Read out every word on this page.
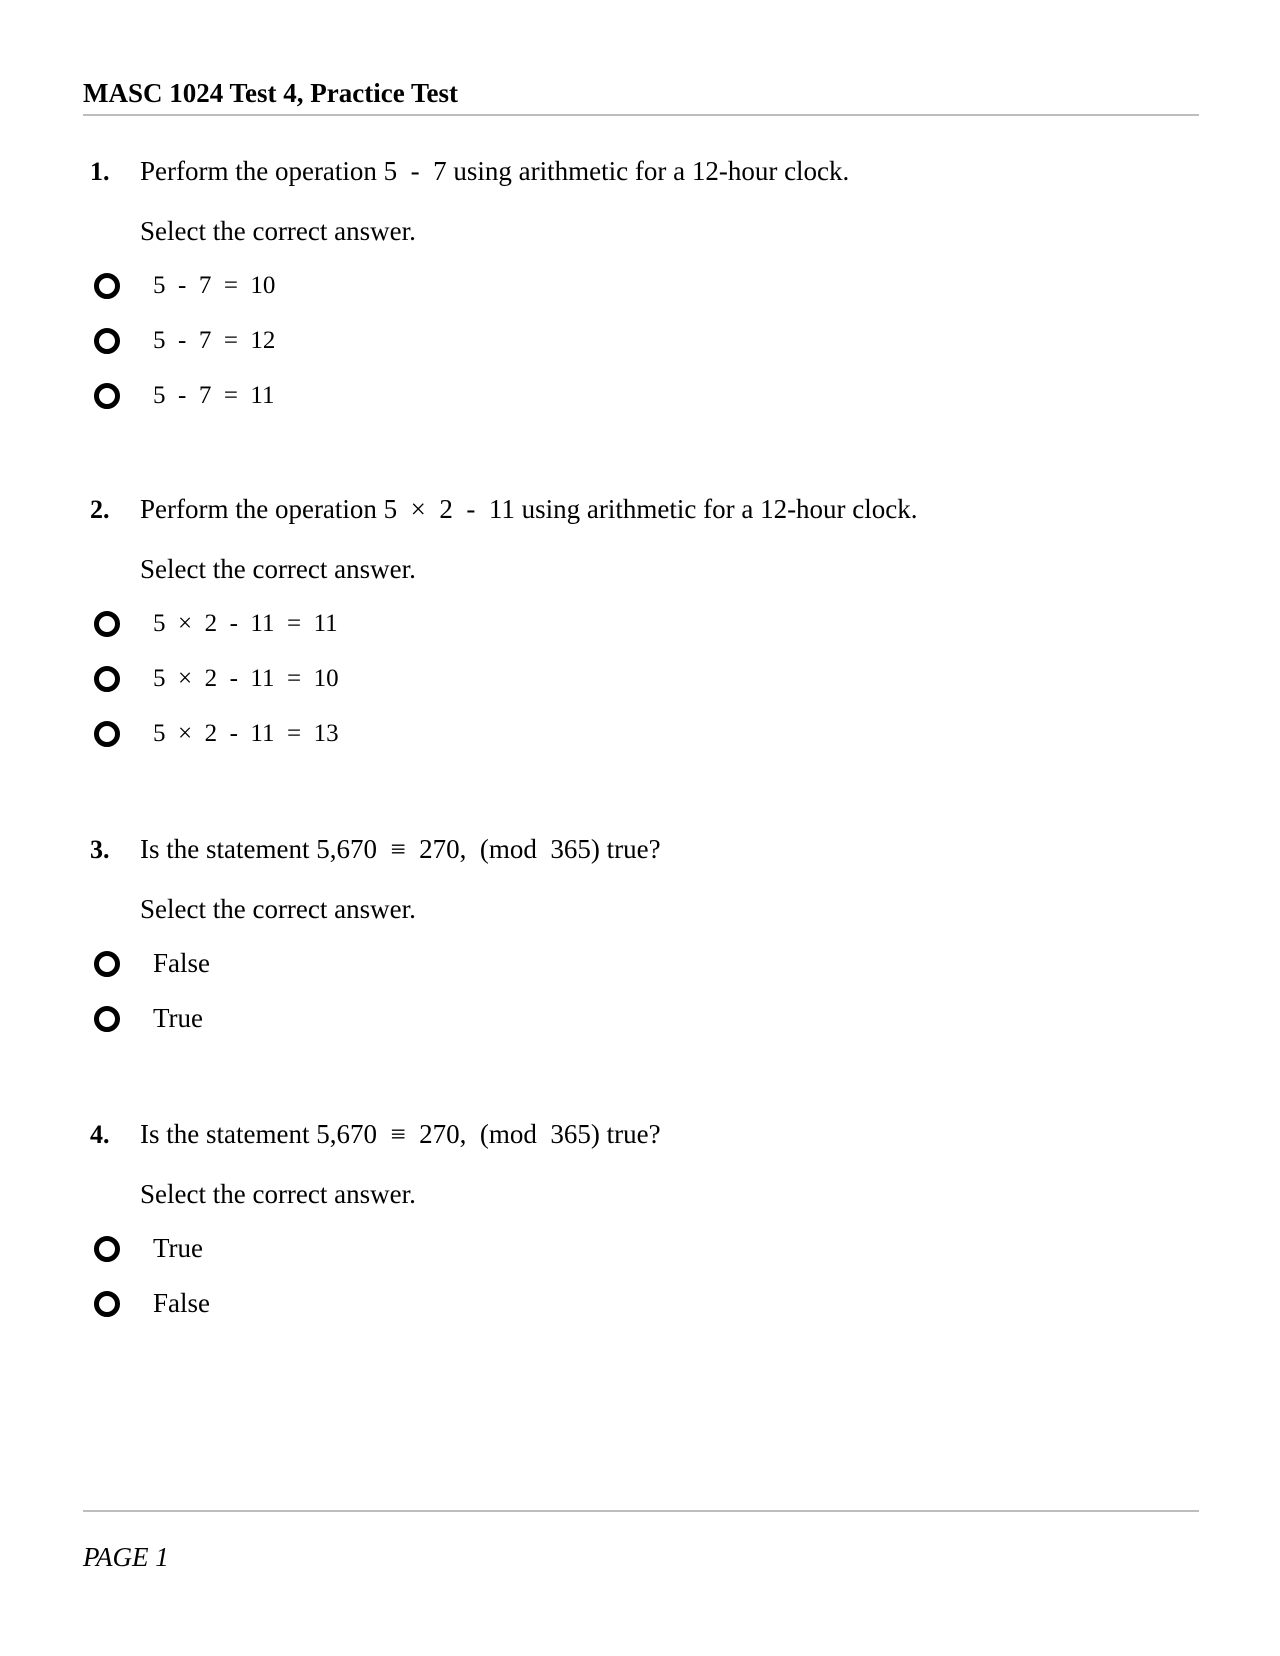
MASC 1024 Test 4, Practice Test
1.	Perform the operation 5  -  7 using arithmetic for a 12-hour clock.
Select the correct answer.
5  -  7  =  10
5  -  7  =  12
5  -  7  =  11
2.	Perform the operation 5  ×  2  -  11 using arithmetic for a 12-hour clock.
Select the correct answer.
5  ×  2  -  11  =  11
5  ×  2  -  11  =  10
5  ×  2  -  11  =  13
3.	Is the statement 5,670  ≡  270,  (mod  365) true?
Select the correct answer.
False
True
4.	Is the statement 5,670  ≡  270,  (mod  365) true?
Select the correct answer.
True
False
PAGE 1
